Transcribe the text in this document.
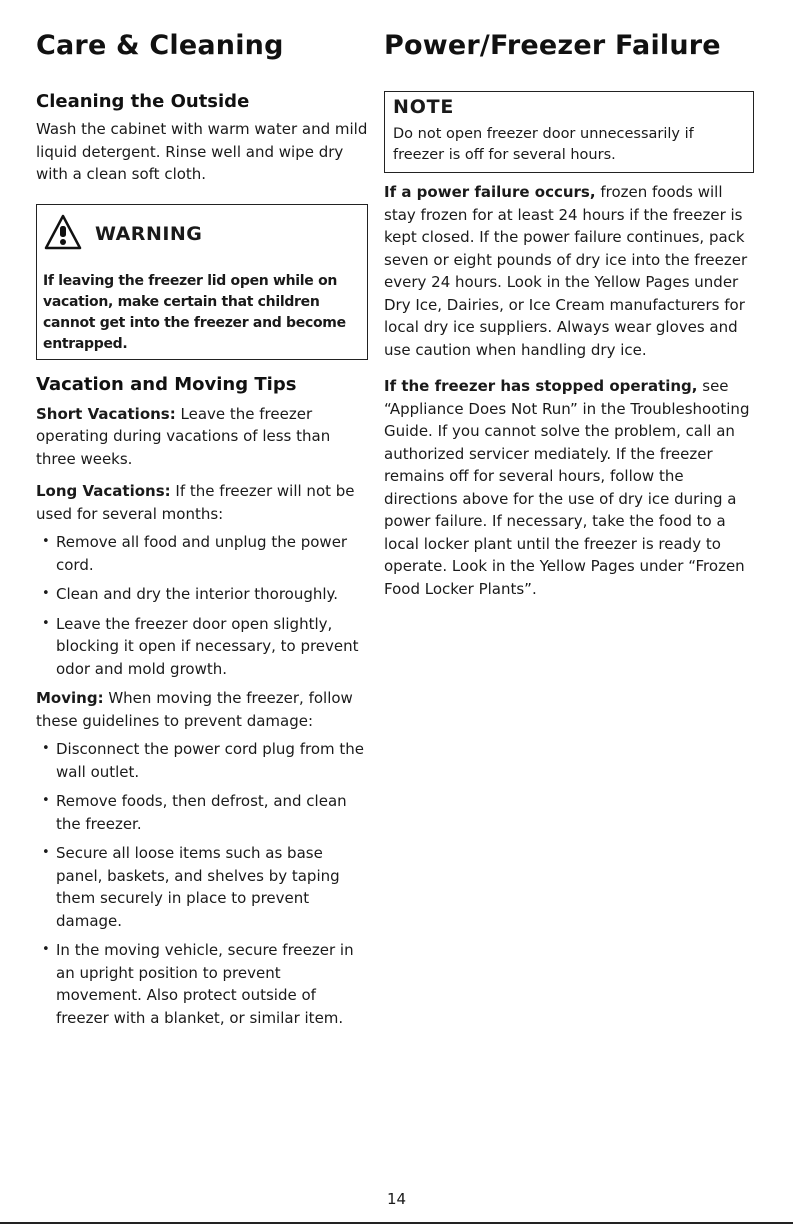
Care & Cleaning
Cleaning the Outside

Wash the cabinet with warm water and mild liquid detergent. Rinse well and wipe dry with a clean soft cloth.

WARNING

If leaving the freezer lid open while on vacation, make certain that children cannot get into the freezer and become entrapped.

Vacation and Moving Tips

Short Vacations: Leave the freezer operating during vacations of less than three weeks.

Long Vacations: If the freezer will not be used for several months:

• Remove all food and unplug the power cord.
• Clean and dry the interior thoroughly.
• Leave the freezer door open slightly, blocking it open if necessary, to prevent odor and mold growth.

Moving: When moving the freezer, follow these guidelines to prevent damage:

• Disconnect the power cord plug from the wall outlet.
• Remove foods, then defrost, and clean the freezer.
• Secure all loose items such as base panel, baskets, and shelves by taping them securely in place to prevent damage.
• In the moving vehicle, secure freezer in an upright position to prevent movement. Also protect outside of freezer with a blanket, or similar item.
Power/Freezer Failure
NOTE

Do not open freezer door unnecessarily if freezer is off for several hours.

If a power failure occurs, frozen foods will stay frozen for at least 24 hours if the freezer is kept closed. If the power failure continues, pack seven or eight pounds of dry ice into the freezer every 24 hours. Look in the Yellow Pages under Dry Ice, Dairies, or Ice Cream manufacturers for local dry ice suppliers. Always wear gloves and use caution when handling dry ice.

If the freezer has stopped operating, see “Appliance Does Not Run” in the Troubleshooting Guide. If you cannot solve the problem, call an authorized servicer mediately. If the freezer remains off for several hours, follow the directions above for the use of dry ice during a power failure. If necessary, take the food to a local locker plant until the freezer is ready to operate. Look in the Yellow Pages under “Frozen Food Locker Plants”.

14
